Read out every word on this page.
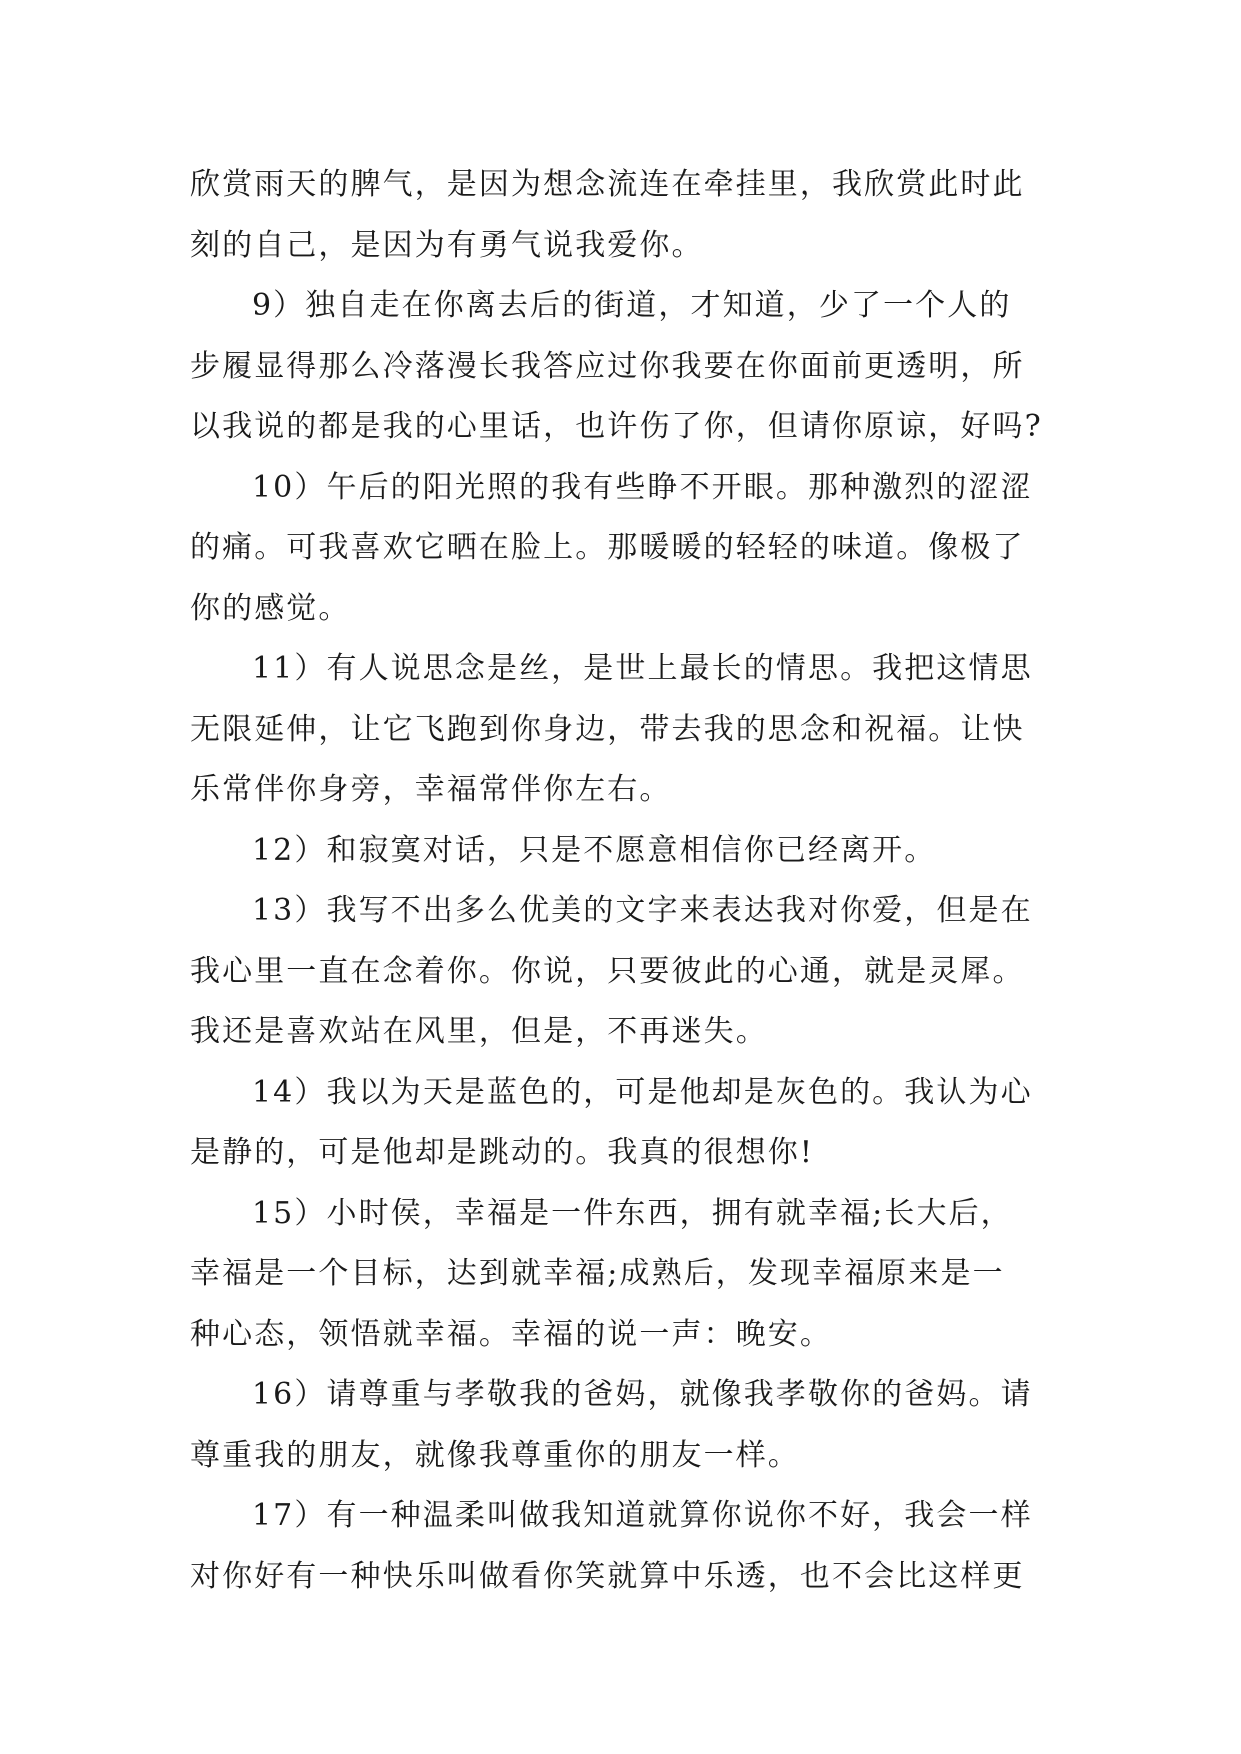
欣赏雨天的脾气，是因为想念流连在牵挂里，我欣赏此时此
刻的自己，是因为有勇气说我爱你。

9）独自走在你离去后的街道，才知道，少了一个人的
步履显得那么冷落漫长我答应过你我要在你面前更透明，所
以我说的都是我的心里话，也许伤了你，但请你原谅，好吗?

10）午后的阳光照的我有些睁不开眼。那种激烈的涩涩
的痛。可我喜欢它晒在脸上。那暖暖的轻轻的味道。像极了
你的感觉。

11）有人说思念是丝，是世上最长的情思。我把这情思
无限延伸，让它飞跑到你身边，带去我的思念和祝福。让快
乐常伴你身旁，幸福常伴你左右。

12）和寂寞对话，只是不愿意相信你已经离开。

13）我写不出多么优美的文字来表达我对你爱，但是在
我心里一直在念着你。你说，只要彼此的心通，就是灵犀。
我还是喜欢站在风里，但是，不再迷失。

14）我以为天是蓝色的，可是他却是灰色的。我认为心
是静的，可是他却是跳动的。我真的很想你!

15）小时侯，幸福是一件东西，拥有就幸福;长大后，
幸福是一个目标，达到就幸福;成熟后，发现幸福原来是一
种心态，领悟就幸福。幸福的说一声：晚安。

16）请尊重与孝敬我的爸妈，就像我孝敬你的爸妈。请
尊重我的朋友，就像我尊重你的朋友一样。

17）有一种温柔叫做我知道就算你说你不好，我会一样
对你好有一种快乐叫做看你笑就算中乐透，也不会比这样更
